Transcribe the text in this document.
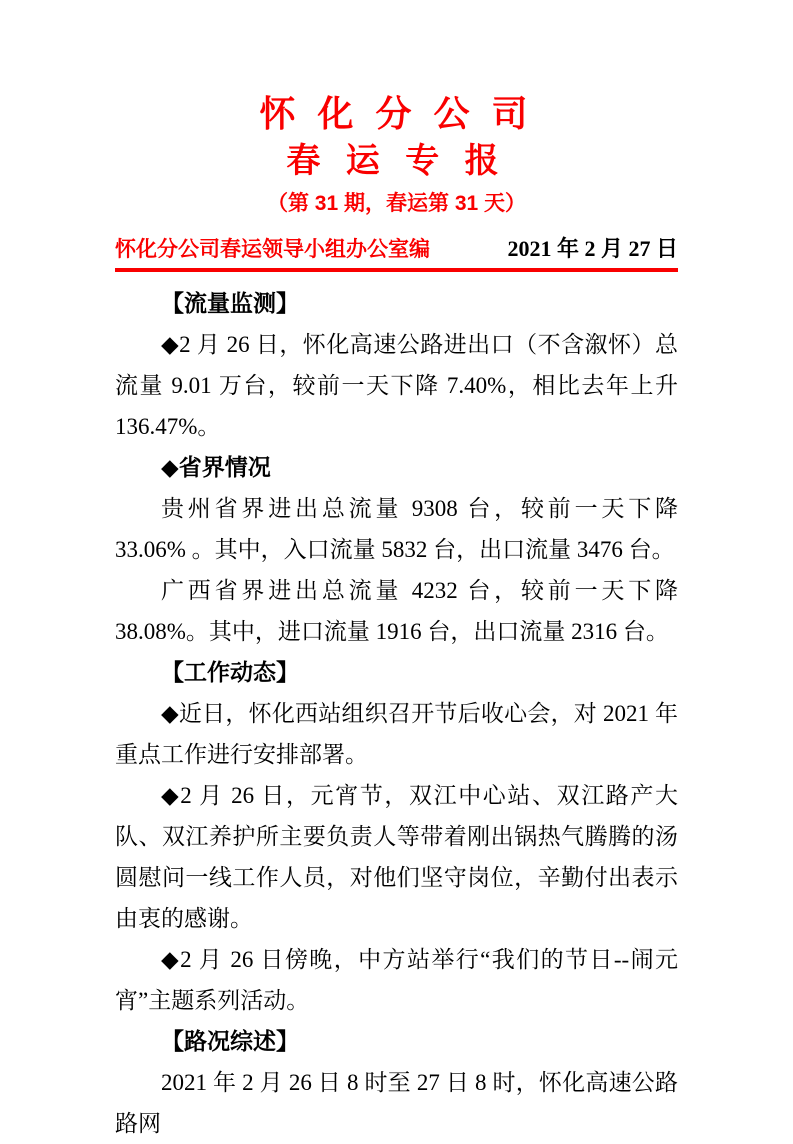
怀 化 分 公 司
春 运 专 报
（第 31 期，春运第 31 天）
怀化分公司春运领导小组办公室编	2021 年 2 月 27 日

【流量监测】

◆2 月 26 日，怀化高速公路进出口（不含溆怀）总流量 9.01 万台，较前一天下降 7.40%，相比去年上升 136.47%。

◆省界情况

贵州省界进出总流量 9308 台，较前一天下降 33.06% 。其中，入口流量 5832 台，出口流量 3476 台。

广西省界进出总流量 4232 台，较前一天下降 38.08%。其中，进口流量 1916 台，出口流量 2316 台。

【工作动态】

◆近日，怀化西站组织召开节后收心会，对 2021 年重点工作进行安排部署。

◆2 月 26 日，元宵节，双江中心站、双江路产大队、双江养护所主要负责人等带着刚出锅热气腾腾的汤圆慰问一线工作人员，对他们坚守岗位，辛勤付出表示由衷的感谢。

◆2 月 26 日傍晚，中方站举行“我们的节日--闹元宵”主题系列活动。

【路况综述】

2021 年 2 月 26 日 8 时至 27 日 8 时，怀化高速公路路网
